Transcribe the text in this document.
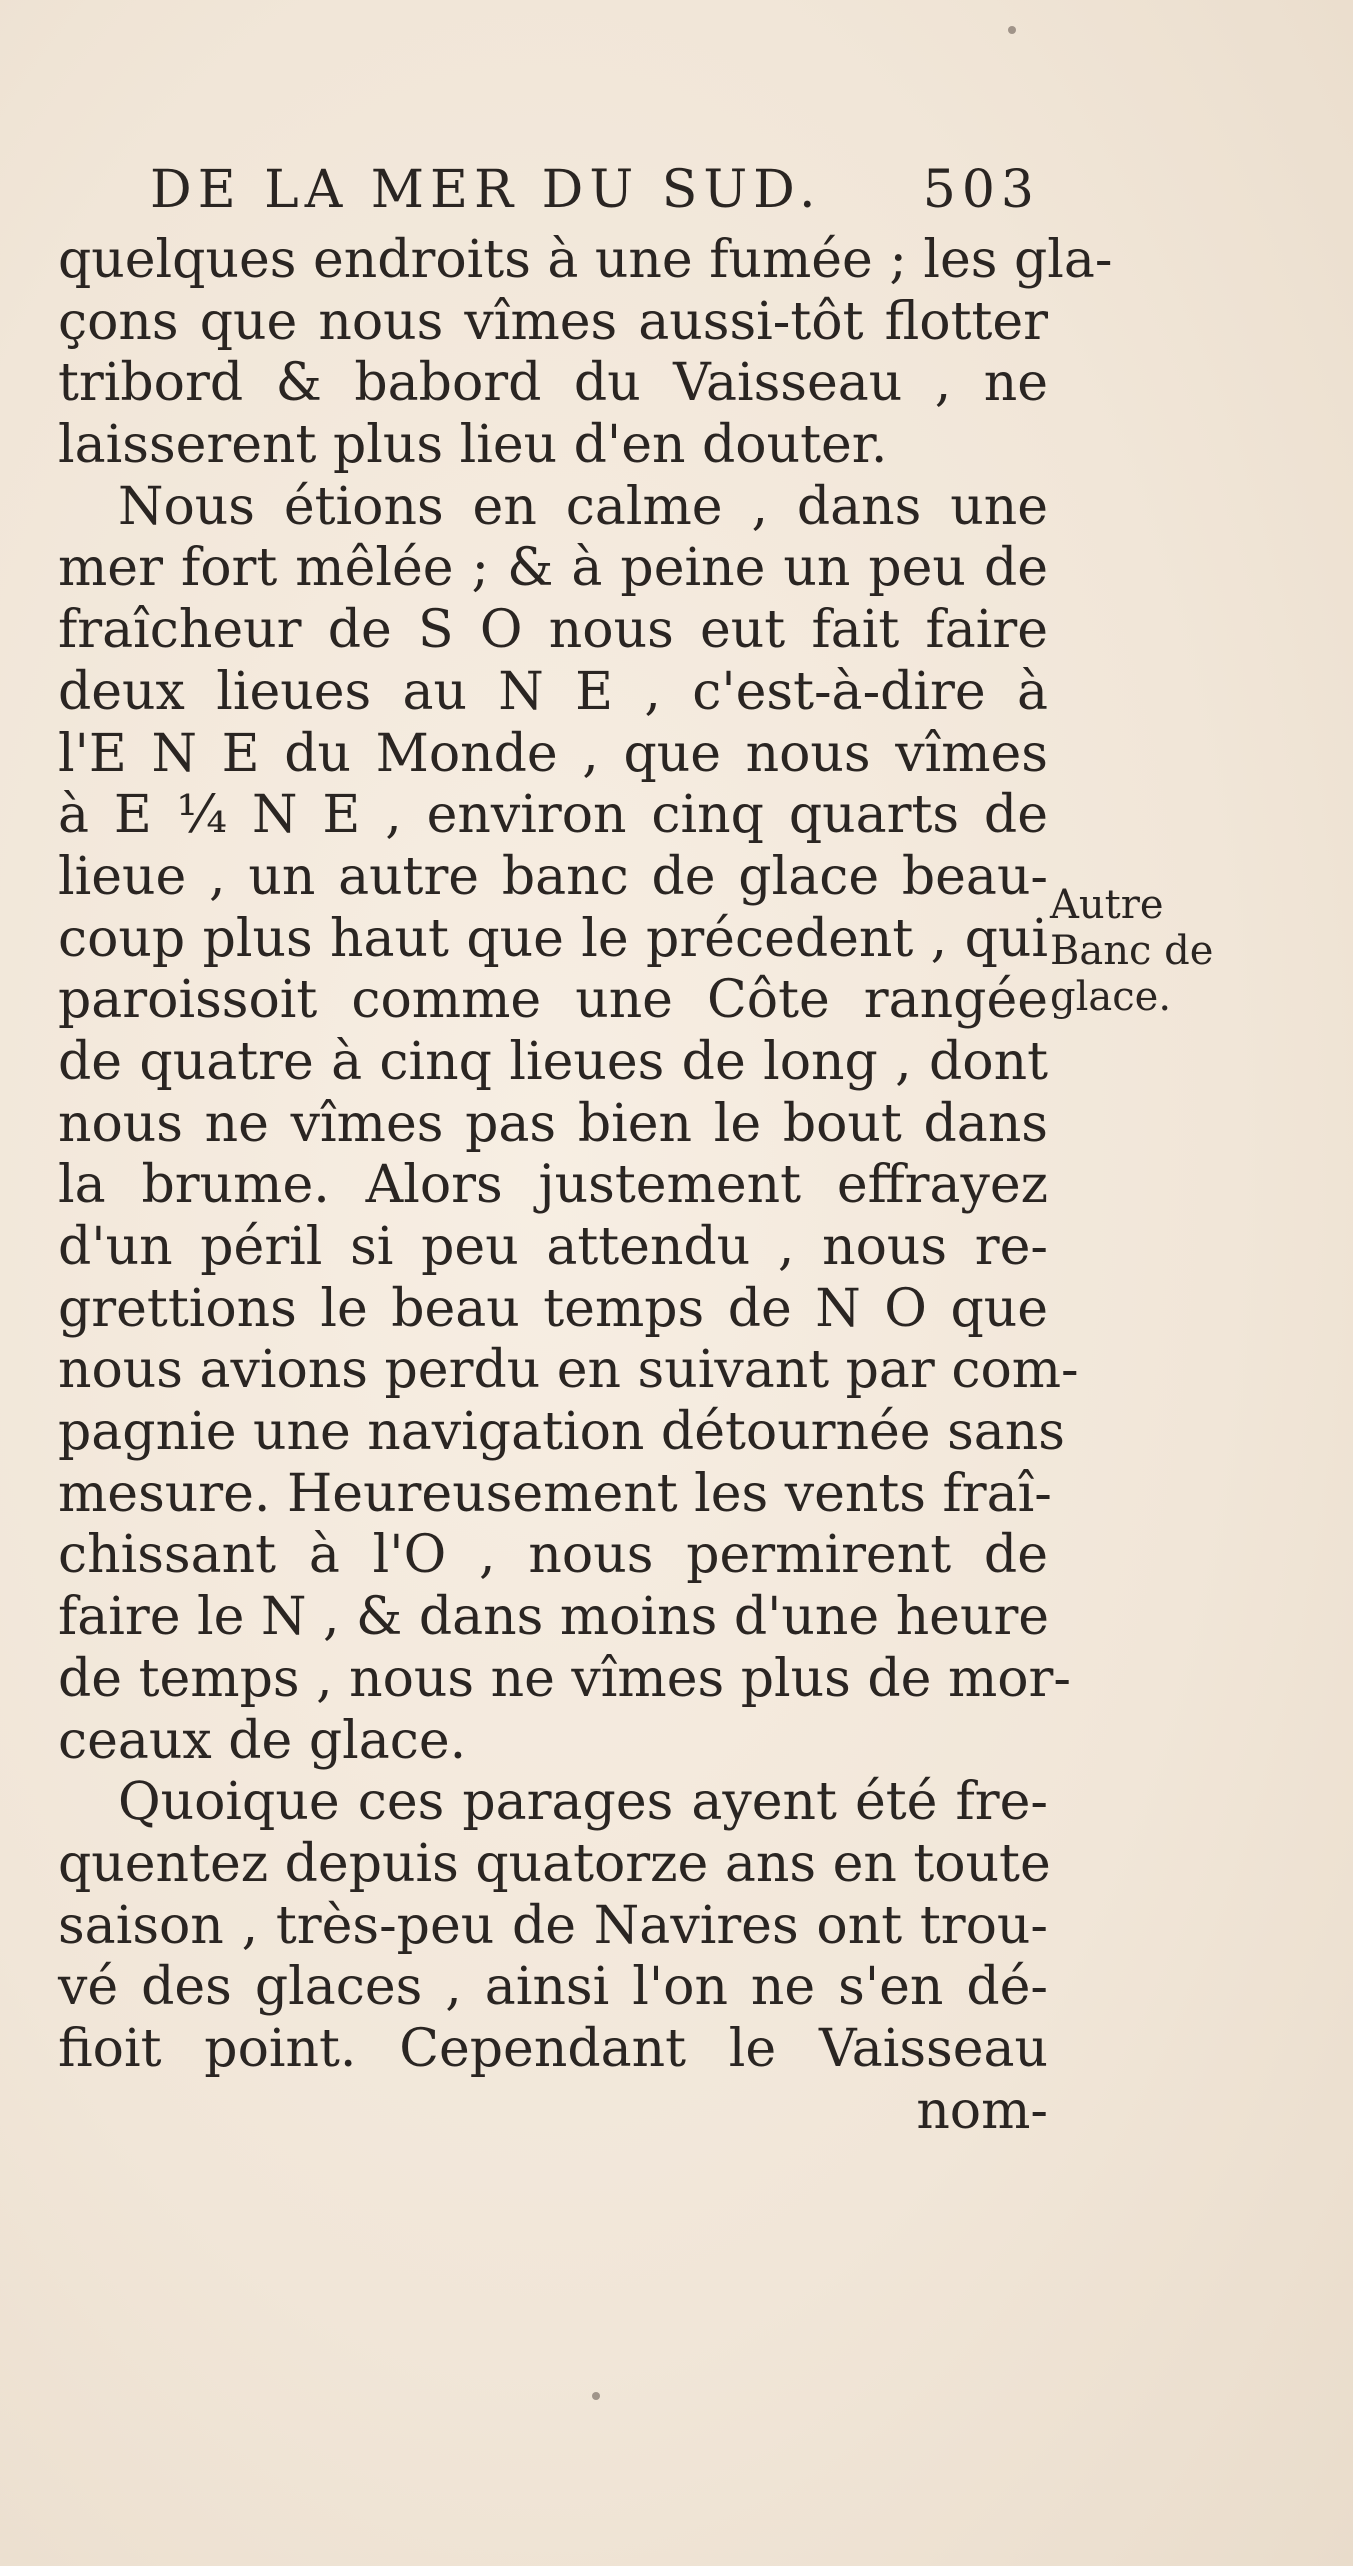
DE LA MER DU SUD. 503
quelques endroits à une fumée ; les gla-
çons que nous vîmes aussi-tôt flotter
tribord & babord du Vaisseau , ne
laisserent plus lieu d'en douter.
Nous étions en calme , dans une
mer fort mêlée ; & à peine un peu de
fraîcheur de S O nous eut fait faire
deux lieues au N E , c'est-à-dire à
l'E N E du Monde , que nous vîmes
à E ¼ N E , environ cinq quarts de
lieue , un autre banc de glace beau-
coup plus haut que le précedent , qui
paroissoit comme une Côte rangée
de quatre à cinq lieues de long , dont
nous ne vîmes pas bien le bout dans
la brume. Alors justement effrayez
d'un péril si peu attendu , nous re-
grettions le beau temps de N O que
nous avions perdu en suivant par com-
pagnie une navigation détournée sans
mesure. Heureusement les vents fraî-
chissant à l'O , nous permirent de
faire le N , & dans moins d'une heure
de temps , nous ne vîmes plus de mor-
ceaux de glace.
Quoique ces parages ayent été fre-
quentez depuis quatorze ans en toute
saison , très-peu de Navires ont trou-
vé des glaces , ainsi l'on ne s'en dé-
fioit point. Cependant le Vaisseau
nom-
Autre
Banc de
glace.
